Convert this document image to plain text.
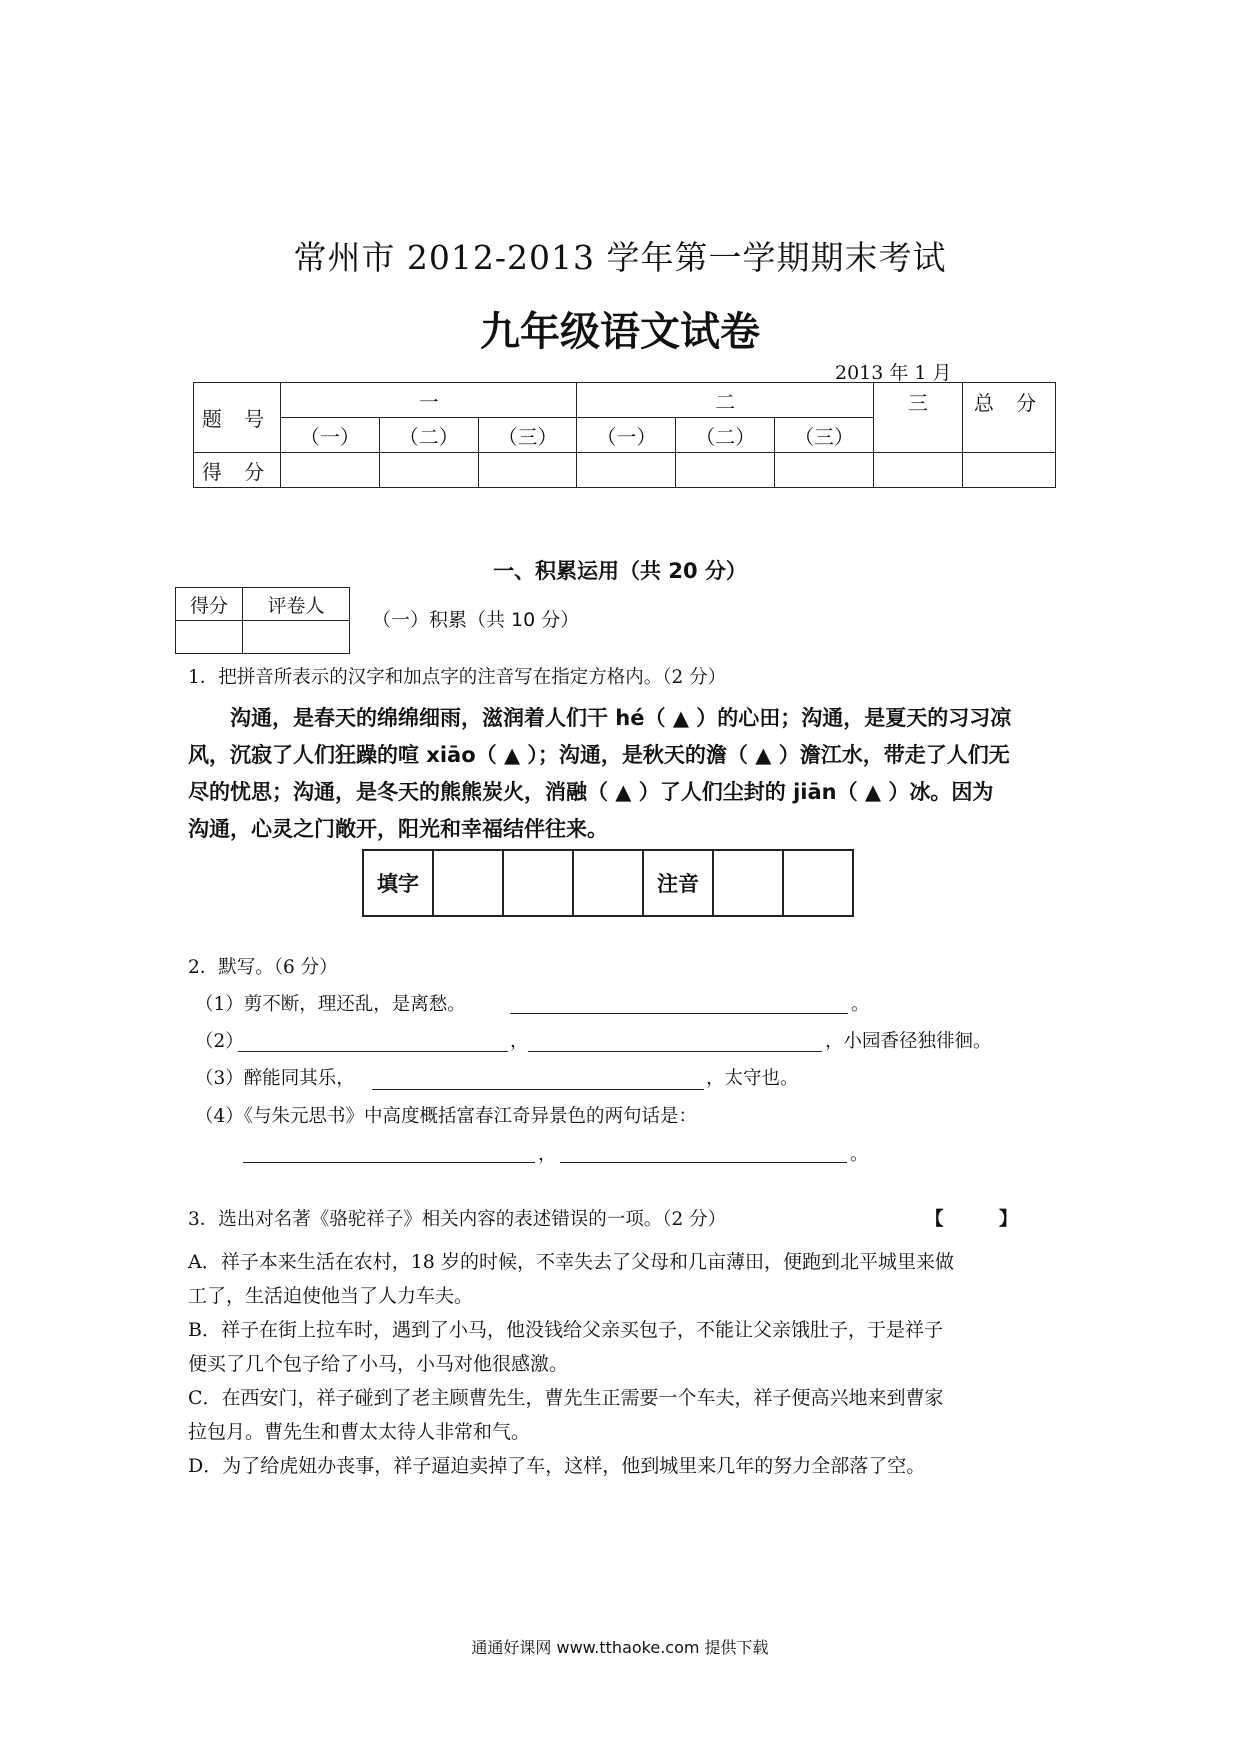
常州市 2012-2013 学年第一学期期末考试
九年级语文试卷
2013 年 1 月
题 号	一			二			三	总 分
	（一）	（二）	（三）	（一）	（二）	（三）		
得 分								
一、积累运用（共 20 分）
得分	评卷人

（一）积累（共 10 分）
1．把拼音所表示的汉字和加点字的注音写在指定方格内。（2 分）

沟通，是春天的绵绵细雨，滋润着人们干 hé（ ▲ ）的心田；沟通，是夏天的习习凉

风，沉寂了人们狂躁的喧 xiāo（ ▲ ）；沟通，是秋天的澹（ ▲ ）澹江水，带走了人们无

尽的忧思；沟通，是冬天的熊熊炭火，消融（ ▲ ）了人们尘封的 jiān（ ▲ ）冰。因为

沟通，心灵之门敞开，阳光和幸福结伴往来。

填字				注音		
2．默写。（6 分）
（1）剪不断，理还乱，是离愁。	。
（2）	，	，小园香径独徘徊。
（3）醉能同其乐，	，太守也。
（4）《与朱元思书》中高度概括富春江奇异景色的两句话是：
，	。
3．选出对名著《骆驼祥子》相关内容的表述错误的一项。（2 分）	【　　　】
A．祥子本来生活在农村，18 岁的时候，不幸失去了父母和几亩薄田，便跑到北平城里来做
工了，生活迫使他当了人力车夫。
B．祥子在街上拉车时，遇到了小马，他没钱给父亲买包子，不能让父亲饿肚子，于是祥子
便买了几个包子给了小马，小马对他很感激。
C．在西安门，祥子碰到了老主顾曹先生，曹先生正需要一个车夫，祥子便高兴地来到曹家
拉包月。曹先生和曹太太待人非常和气。
D．为了给虎妞办丧事，祥子逼迫卖掉了车，这样，他到城里来几年的努力全部落了空。
通通好课网 www.tthaoke.com 提供下载
